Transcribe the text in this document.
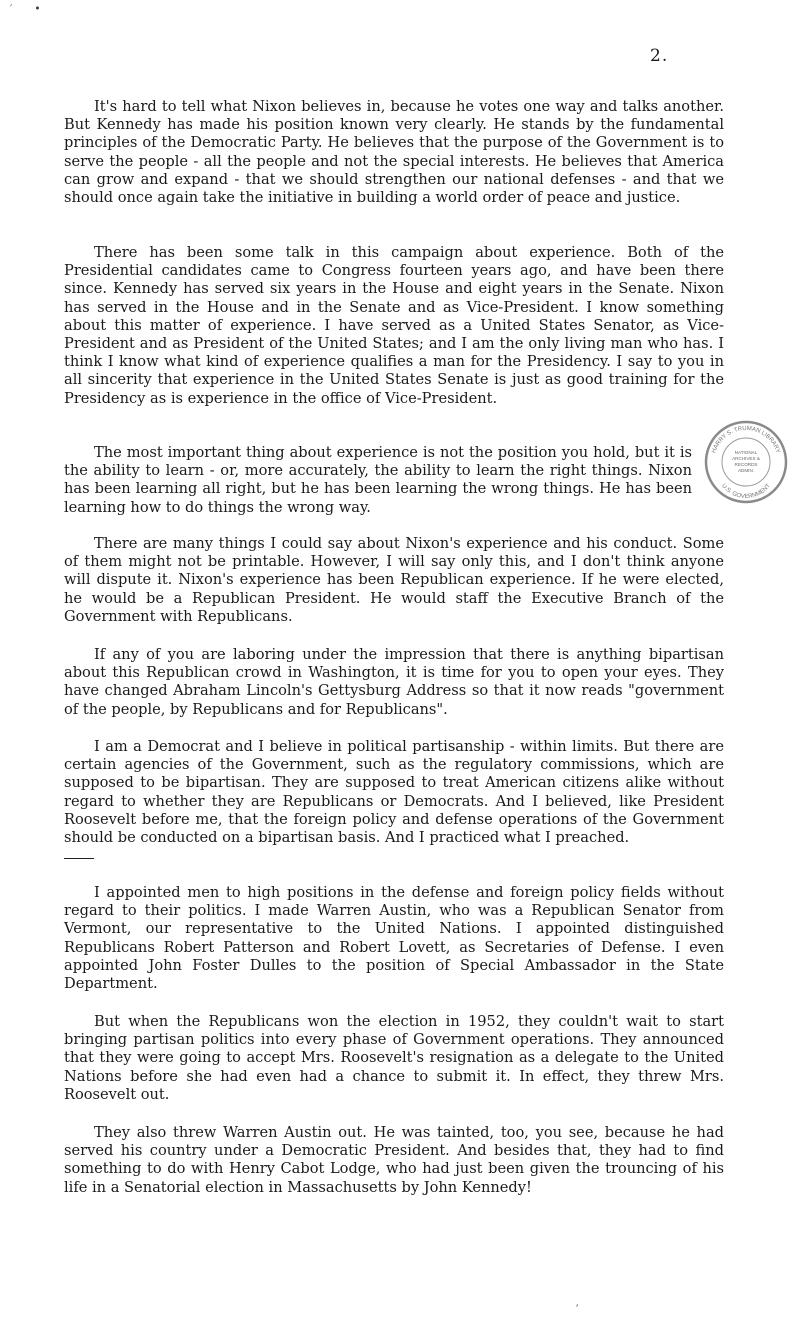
′       •
2.

It's hard to tell what Nixon believes in, because he votes one way and talks another. But Kennedy has made his position known very clearly. He stands by the fundamental principles of the Democratic Party. He believes that the purpose of the Government is to serve the people - all the people and not the special interests. He believes that America can grow and expand - that we should strengthen our national defenses - and that we should once again take the initiative in building a world order of peace and justice.

There has been some talk in this campaign about experience. Both of the Presidential candidates came to Congress fourteen years ago, and have been there since. Kennedy has served six years in the House and eight years in the Senate. Nixon has served in the House and in the Senate and as Vice-President. I know something about this matter of experience. I have served as a United States Senator, as Vice-President and as President of the United States; and I am the only living man who has. I think I know what kind of experience qualifies a man for the Presidency. I say to you in all sincerity that experience in the United States Senate is just as good training for the Presidency as is experience in the office of Vice-President.

The most important thing about experience is not the position you hold, but it is the ability to learn - or, more accurately, the ability to learn the right things. Nixon has been learning all right, but he has been learning the wrong things. He has been learning how to do things the wrong way.

There are many things I could say about Nixon's experience and his conduct. Some of them might not be printable. However, I will say only this, and I don't think anyone will dispute it. Nixon's experience has been Republican experience. If he were elected, he would be a Republican President. He would staff the Executive Branch of the Government with Republicans.

If any of you are laboring under the impression that there is anything bipartisan about this Republican crowd in Washington, it is time for you to open your eyes. They have changed Abraham Lincoln's Gettysburg Address so that it now reads "government of the people, by Republicans and for Republicans".

I am a Democrat and I believe in political partisanship - within limits. But there are certain agencies of the Government, such as the regulatory commissions, which are supposed to be bipartisan. They are supposed to treat American citizens alike without regard to whether they are Republicans or Democrats. And I believed, like President Roosevelt before me, that the foreign policy and defense operations of the Government should be conducted on a bipartisan basis. And I practiced what I preached.

I appointed men to high positions in the defense and foreign policy fields without regard to their politics. I made Warren Austin, who was a Republican Senator from Vermont, our representative to the United Nations. I appointed distinguished Republicans Robert Patterson and Robert Lovett, as Secretaries of Defense. I even appointed John Foster Dulles to the position of Special Ambassador in the State Department.

But when the Republicans won the election in 1952, they couldn't wait to start bringing partisan politics into every phase of Government operations. They announced that they were going to accept Mrs. Roosevelt's resignation as a delegate to the United Nations before she had even had a chance to submit it. In effect, they threw Mrs. Roosevelt out.

They also threw Warren Austin out. He was tainted, too, you see, because he had served his country under a Democratic President. And besides that, they had to find something to do with Henry Cabot Lodge, who had just been given the trouncing of his life in a Senatorial election in Massachusetts by John Kennedy!

HARRY S. TRUMAN LIBRARY
U.S. GOVERNMENT
NATIONAL
ARCHIVES &
RECORDS
ADMIN.
⸴
